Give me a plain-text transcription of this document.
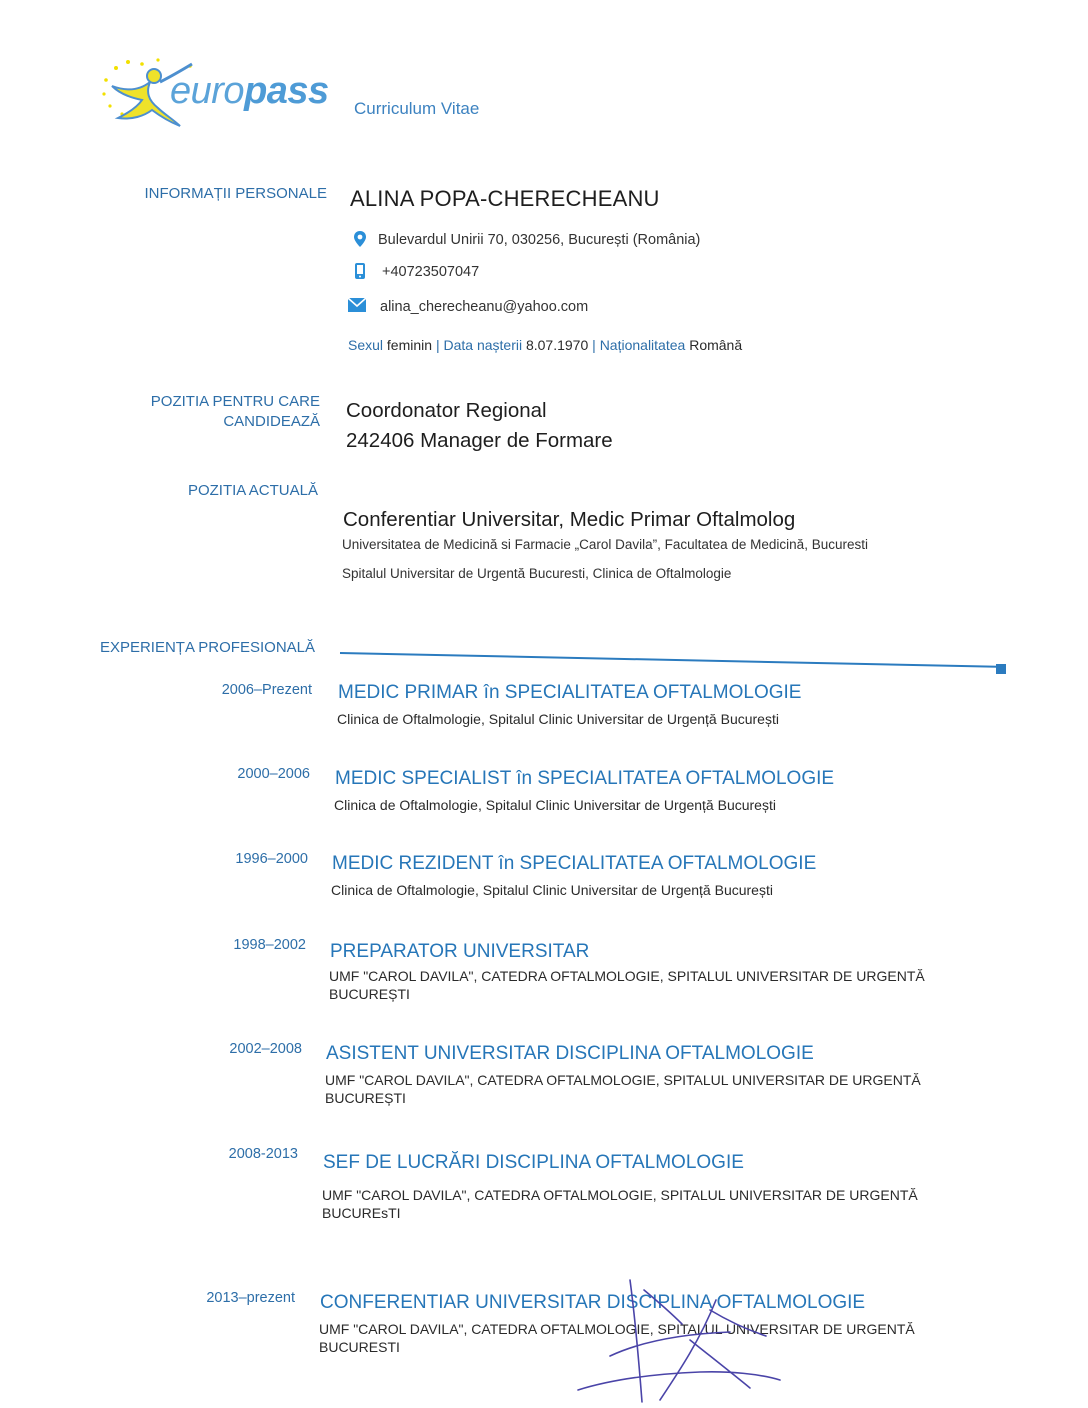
europass Curriculum Vitae
INFORMAȚII PERSONALE ALINA POPA-CHERECHEANU
Bulevardul Unirii 70, 030256, București (România)
+40723507047
alina_cherecheanu@yahoo.com
Sexul feminin | Data nașterii 8.07.1970 | Naționalitatea Română
POZITIA PENTRU CARE
CANDIDEAZĂ Coordonator Regional
242406 Manager de Formare
POZITIA ACTUALĂ
Conferentiar Universitar, Medic Primar Oftalmolog
Universitatea de Medicină si Farmacie „Carol Davila”, Facultatea de Medicină, Bucuresti
Spitalul Universitar de Urgentă Bucuresti, Clinica de Oftalmologie
EXPERIENȚA PROFESIONALĂ
2006–Prezent MEDIC PRIMAR în SPECIALITATEA OFTALMOLOGIE
Clinica de Oftalmologie, Spitalul Clinic Universitar de Urgență București
2000–2006 MEDIC SPECIALIST în SPECIALITATEA OFTALMOLOGIE
Clinica de Oftalmologie, Spitalul Clinic Universitar de Urgență București
1996–2000 MEDIC REZIDENT în SPECIALITATEA OFTALMOLOGIE
Clinica de Oftalmologie, Spitalul Clinic Universitar de Urgență București
1998–2002 PREPARATOR UNIVERSITAR
UMF "CAROL DAVILA", CATEDRA OFTALMOLOGIE, SPITALUL UNIVERSITAR DE URGENTĂ BUCUREȘTI
2002–2008 ASISTENT UNIVERSITAR DISCIPLINA OFTALMOLOGIE
UMF "CAROL DAVILA", CATEDRA OFTALMOLOGIE, SPITALUL UNIVERSITAR DE URGENTĂ BUCUREȘTI
2008-2013 SEF DE LUCRĂRI DISCIPLINA OFTALMOLOGIE
UMF "CAROL DAVILA", CATEDRA OFTALMOLOGIE, SPITALUL UNIVERSITAR DE URGENTĂ BUCUREsTI
2013–prezent CONFERENTIAR UNIVERSITAR DISCIPLINA OFTALMOLOGIE
UMF "CAROL DAVILA", CATEDRA OFTALMOLOGIE, SPITALUL UNIVERSITAR DE URGENTĂ BUCURESTI
